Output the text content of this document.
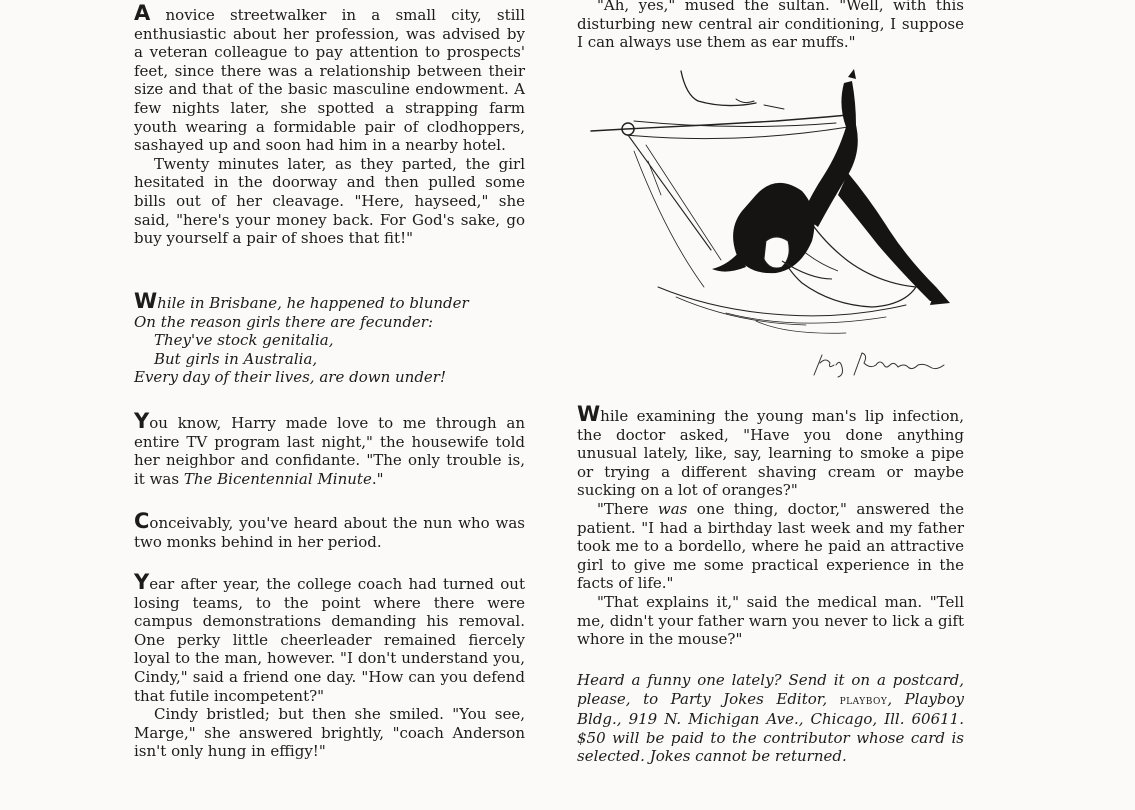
A novice streetwalker in a small city, still enthusiastic about her profession, was advised by a veteran colleague to pay attention to prospects' feet, since there was a relationship between their size and that of the basic masculine endowment. A few nights later, she spotted a strapping farm youth wearing a formidable pair of clodhoppers, sashayed up and soon had him in a nearby hotel.

Twenty minutes later, as they parted, the girl hesitated in the doorway and then pulled some bills out of her cleavage. "Here, hayseed," she said, "here's your money back. For God's sake, go buy yourself a pair of shoes that fit!"

While in Brisbane, he happened to blunder
On the reason girls there are fecunder:
They've stock genitalia,
But girls in Australia,
Every day of their lives, are down under!

You know, Harry made love to me through an entire TV program last night," the housewife told her neighbor and confidante. "The only trouble is, it was The Bicentennial Minute."

Conceivably, you've heard about the nun who was two monks behind in her period.

Year after year, the college coach had turned out losing teams, to the point where there were campus demonstrations demanding his removal. One perky little cheerleader remained fiercely loyal to the man, however. "I don't understand you, Cindy," said a friend one day. "How can you defend that futile incompetent?"

Cindy bristled; but then she smiled. "You see, Marge," she answered brightly, "coach Anderson isn't only hung in effigy!"

"Ah, yes," mused the sultan. "Well, with this disturbing new central air conditioning, I suppose I can always use them as ear muffs."

While examining the young man's lip infection, the doctor asked, "Have you done anything unusual lately, like, say, learning to smoke a pipe or trying a different shaving cream or maybe sucking on a lot of oranges?"

"There was one thing, doctor," answered the patient. "I had a birthday last week and my father took me to a bordello, where he paid an attractive girl to give me some practical experience in the facts of life."

"That explains it," said the medical man. "Tell me, didn't your father warn you never to lick a gift whore in the mouse?"

Heard a funny one lately? Send it on a postcard, please, to Party Jokes Editor, playboy, Playboy Bldg., 919 N. Michigan Ave., Chicago, Ill. 60611. $50 will be paid to the contributor whose card is selected. Jokes cannot be returned.
